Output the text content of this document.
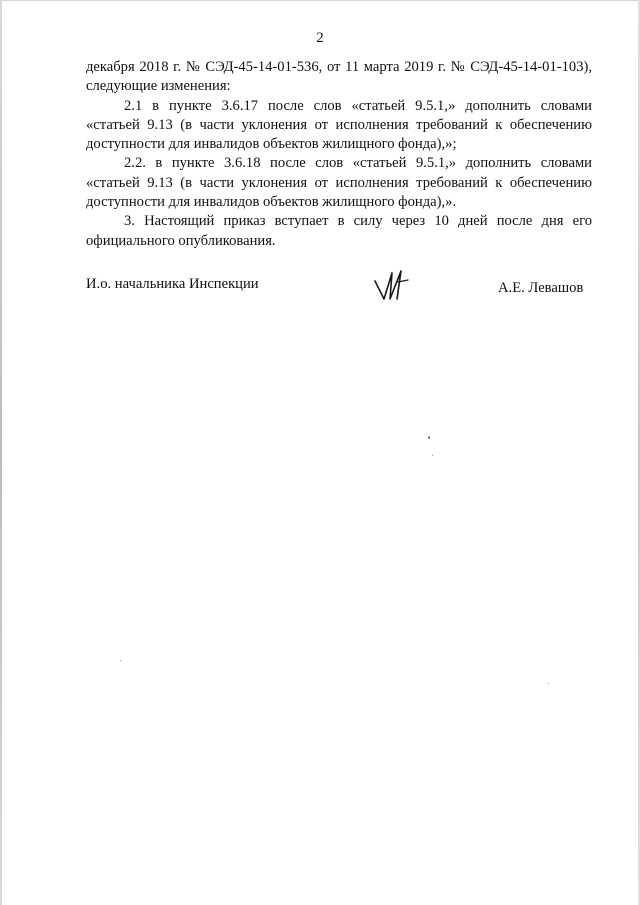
2

декабря 2018 г. № СЭД-45-14-01-536, от 11 марта 2019 г. № СЭД-45-14-01-103), следующие изменения:

2.1 в пункте 3.6.17 после слов «статьей 9.5.1,» дополнить словами «статьей 9.13 (в части уклонения от исполнения требований к обеспечению доступности для инвалидов объектов жилищного фонда),»;

2.2. в пункте 3.6.18 после слов «статьей 9.5.1,» дополнить словами «статьей 9.13 (в части уклонения от исполнения требований к обеспечению доступности для инвалидов объектов жилищного фонда),».

3. Настоящий приказ вступает в силу через 10 дней после дня его официального опубликования.

И.о. начальника Инспекции	А.Е. Левашов
